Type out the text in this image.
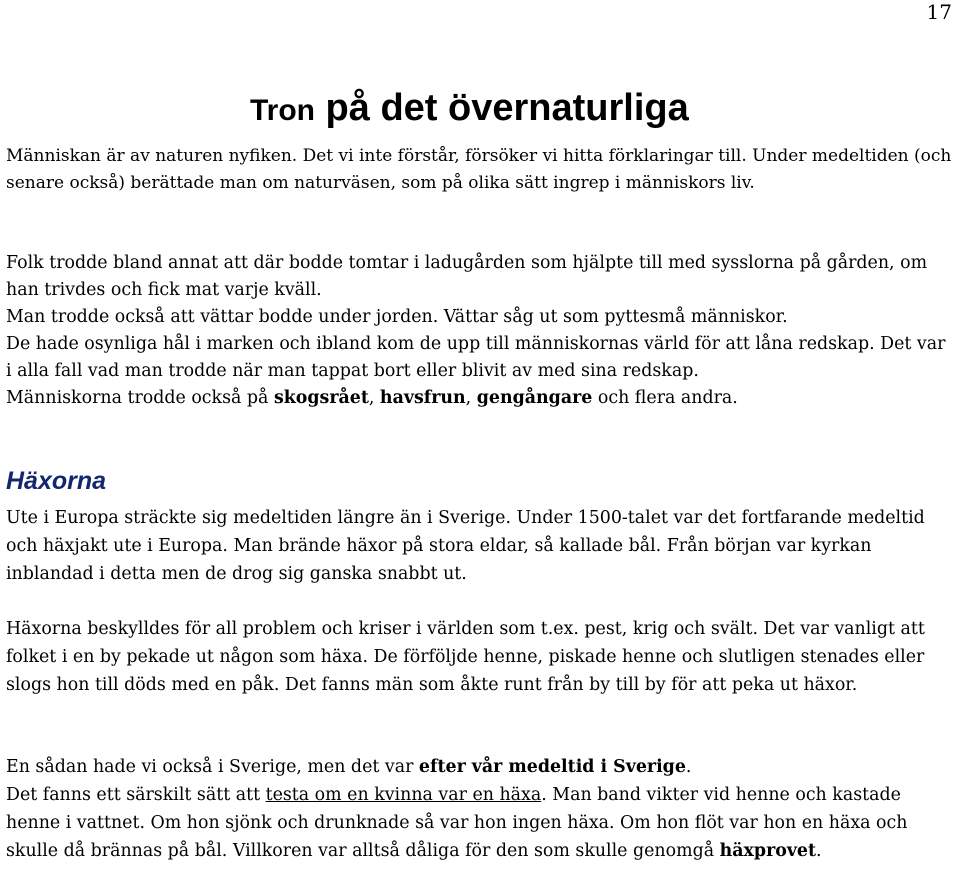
17
Tron på det övernaturliga

Människan är av naturen nyfiken. Det vi inte förstår, försöker vi hitta förklaringar till. Under medeltiden (och senare också) berättade man om naturväsen, som på olika sätt ingrep i människors liv.

Folk trodde bland annat att där bodde tomtar i ladugården som hjälpte till med sysslorna på gården, om han trivdes och fick mat varje kväll.

Man trodde också att vättar bodde under jorden. Vättar såg ut som pyttesmå människor.

De hade osynliga hål i marken och ibland kom de upp till människornas värld för att låna redskap. Det var i alla fall vad man trodde när man tappat bort eller blivit av med sina redskap.

Människorna trodde också på skogsrået, havsfrun, gengångare och flera andra.

Häxorna

Ute i Europa sträckte sig medeltiden längre än i Sverige. Under 1500-talet var det fortfarande medeltid och häxjakt ute i Europa. Man brände häxor på stora eldar, så kallade bål. Från början var kyrkan inblandad i detta men de drog sig ganska snabbt ut.

Häxorna beskylldes för all problem och kriser i världen som t.ex. pest, krig och svält. Det var vanligt att folket i en by pekade ut någon som häxa. De förföljde henne, piskade henne och slutligen stenades eller slogs hon till döds med en påk. Det fanns män som åkte runt från by till by för att peka ut häxor.

En sådan hade vi också i Sverige, men det var efter vår medeltid i Sverige.

Det fanns ett särskilt sätt att testa om en kvinna var en häxa. Man band vikter vid henne och kastade henne i vattnet. Om hon sjönk och drunknade så var hon ingen häxa. Om hon flöt var hon en häxa och skulle då brännas på bål. Villkoren var alltså dåliga för den som skulle genomgå häxprovet.
